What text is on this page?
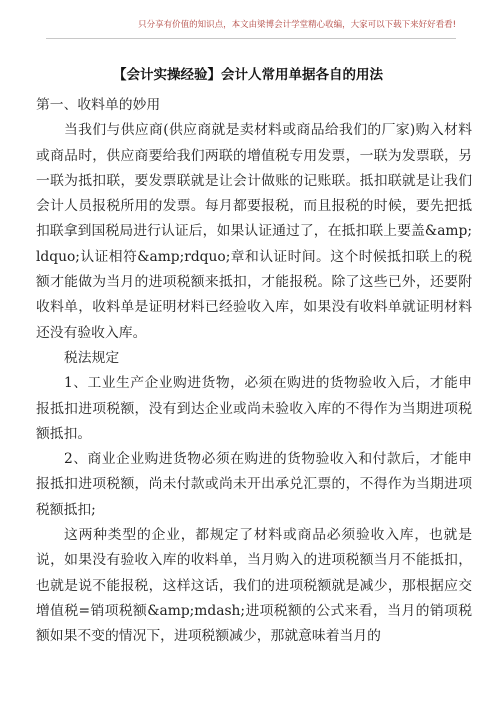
只分享有价值的知识点，本文由梁博会计学堂精心收编，大家可以下载下来好好看看!
【会计实操经验】会计人常用单据各自的用法

第一、收料单的妙用

当我们与供应商(供应商就是卖材料或商品给我们的厂家)购入材料或商品时，供应商要给我们两联的增值税专用发票，一联为发票联，另一联为抵扣联，要发票联就是让会计做账的记账联。抵扣联就是让我们会计人员报税所用的发票。每月都要报税，而且报税的时候，要先把抵扣联拿到国税局进行认证后，如果认证通过了，在抵扣联上要盖&amp;ldquo;认证相符&amp;rdquo;章和认证时间。这个时候抵扣联上的税额才能做为当月的进项税额来抵扣，才能报税。除了这些已外，还要附收料单，收料单是证明材料已经验收入库，如果没有收料单就证明材料还没有验收入库。

税法规定

1、工业生产企业购进货物，必须在购进的货物验收入后，才能申报抵扣进项税额，没有到达企业或尚未验收入库的不得作为当期进项税额抵扣。

2、商业企业购进货物必须在购进的货物验收入和付款后，才能申报抵扣进项税额，尚未付款或尚未开出承兑汇票的，不得作为当期进项税额抵扣;

这两种类型的企业，都规定了材料或商品必须验收入库，也就是说，如果没有验收入库的收料单，当月购入的进项税额当月不能抵扣，也就是说不能报税，这样这话，我们的进项税额就是减少，那根据应交增值税=销项税额&amp;mdash;进项税额的公式来看，当月的销项税额如果不变的情况下，进项税额减少，那就意味着当月的
